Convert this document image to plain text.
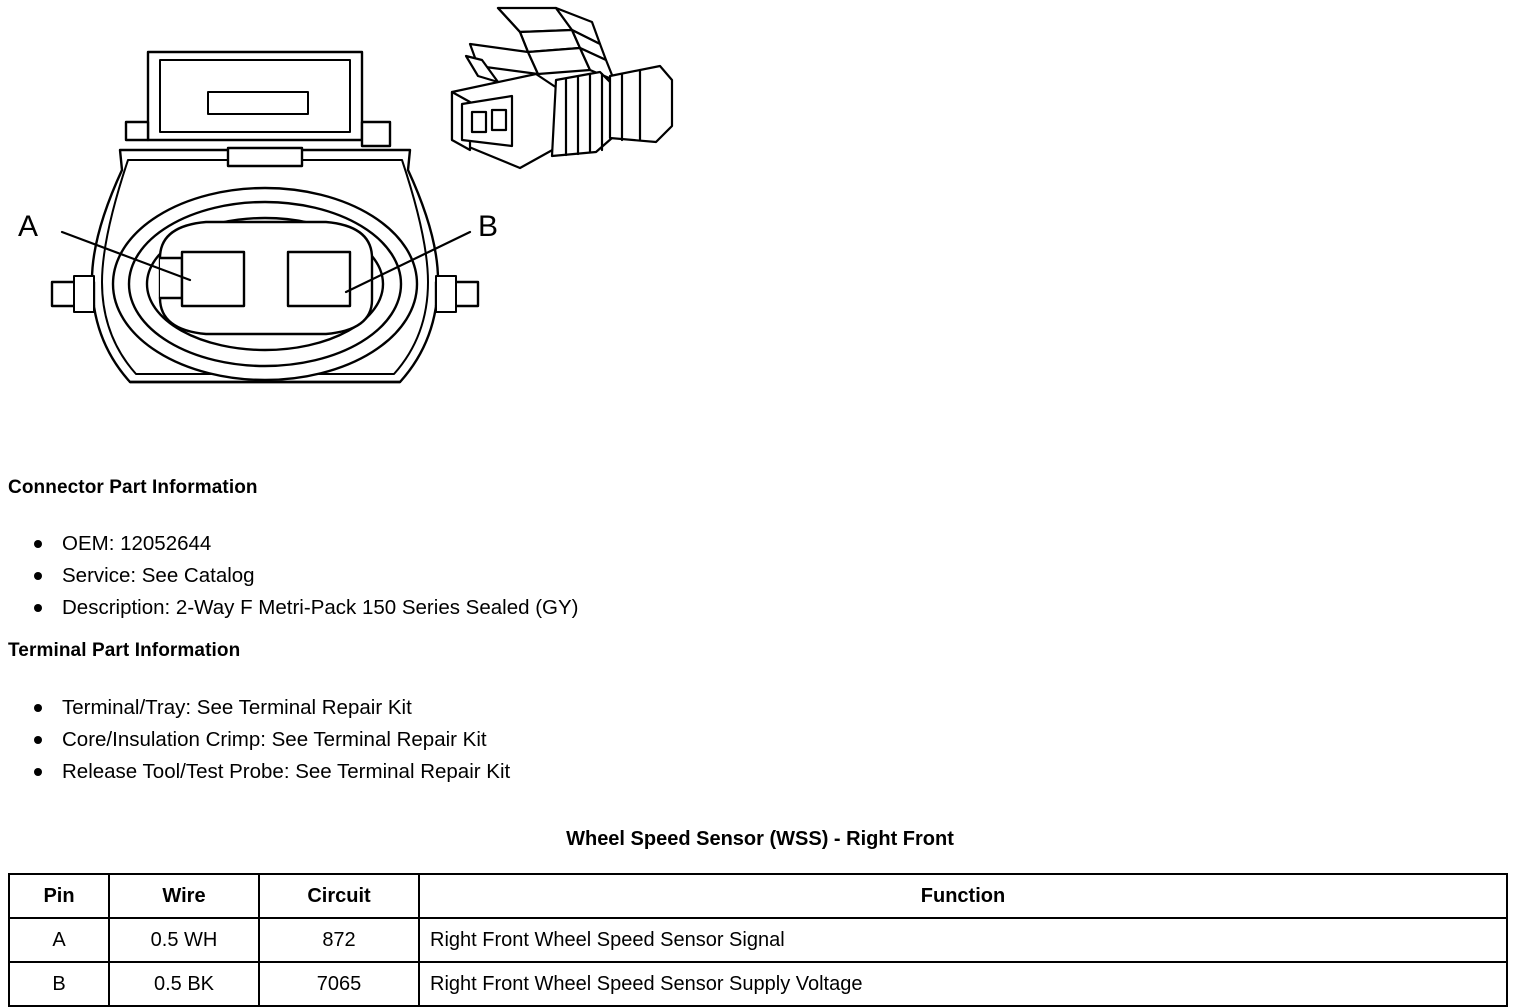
A	B
Connector Part Information
OEM: 12052644
Service: See Catalog
Description: 2-Way F Metri-Pack 150 Series Sealed (GY)
Terminal Part Information
Terminal/Tray: See Terminal Repair Kit
Core/Insulation Crimp: See Terminal Repair Kit
Release Tool/Test Probe: See Terminal Repair Kit
Wheel Speed Sensor (WSS) - Right Front
Pin	Wire	Circuit	Function
A	0.5 WH	872	Right Front Wheel Speed Sensor Signal
B	0.5 BK	7065	Right Front Wheel Speed Sensor Supply Voltage
